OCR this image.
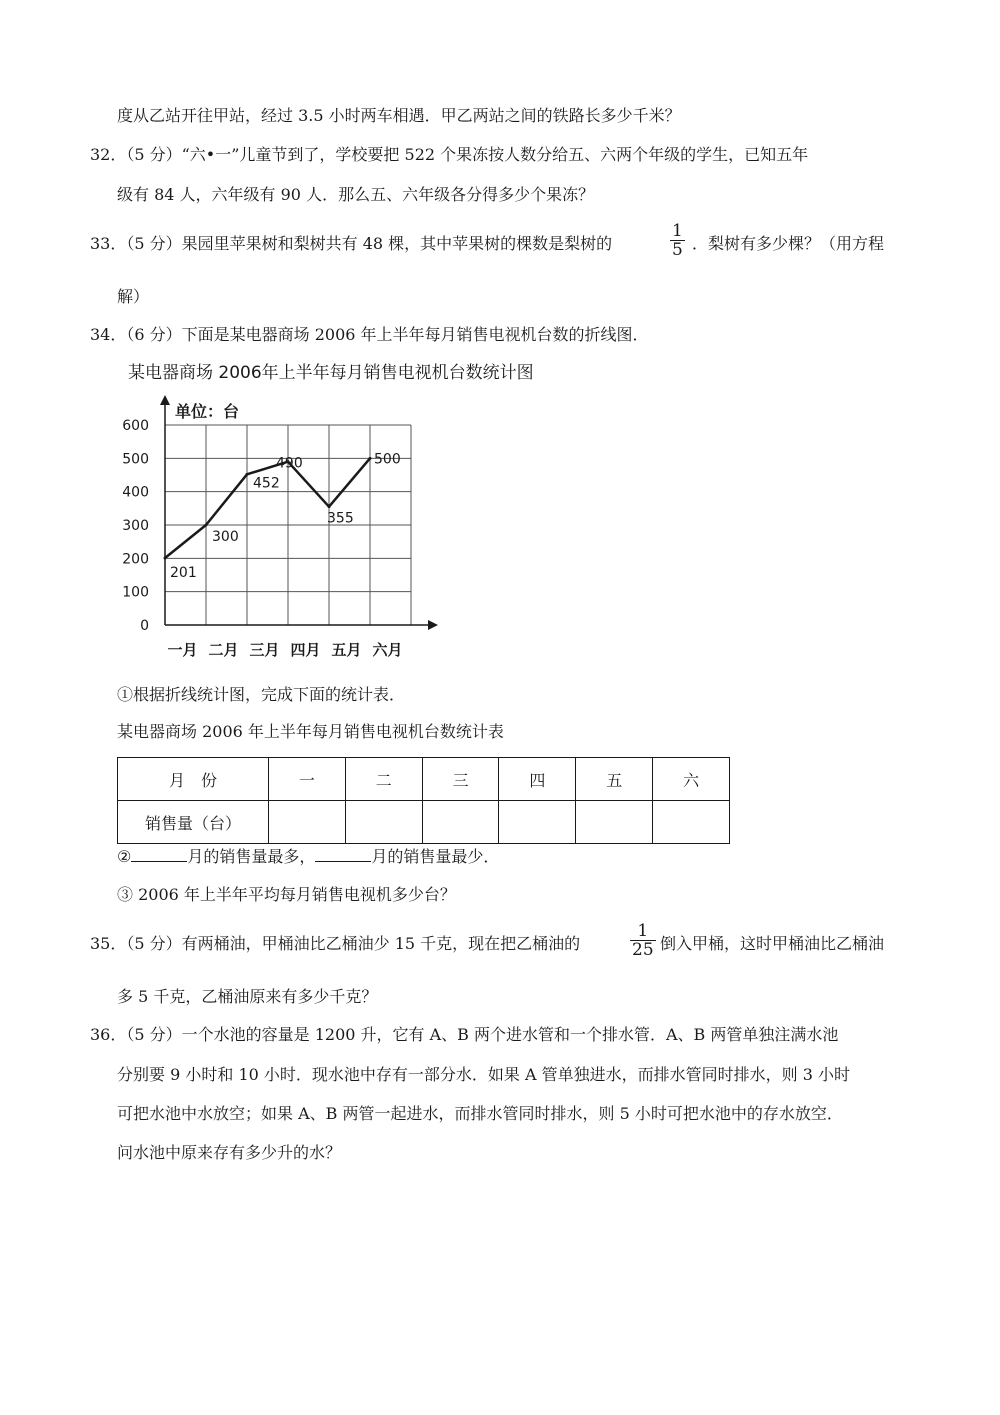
度从乙站开往甲站，经过 3.5 小时两车相遇．甲乙两站之间的铁路长多少千米？
32．（5 分）“六•一”儿童节到了，学校要把 522 个果冻按人数分给五、六两个年级的学生，已知五年
级有 84 人，六年级有 90 人．那么五、六年级各分得多少个果冻？
33．（5 分）果园里苹果树和梨树共有 48 棵，其中苹果树的棵数是梨树的	$\frac{1}{5}$ ．梨树有多少棵？（用方程
解）
34．（6 分）下面是某电器商场 2006 年上半年每月销售电视机台数的折线图．
某电器商场 2006年上半年每月销售电视机台数统计图
0
100
200
300
400
500
600
单位：台
201
300
452
490
355
500
一月 二月 三月 四月 五月 六月
①根据折线统计图，完成下面的统计表．
某电器商场 2006 年上半年每月销售电视机台数统计表
月　份	一	二	三	四	五	六
销售量（台）						
②	月的销售量最多，	月的销售量最少．
③ 2006 年上半年平均每月销售电视机多少台？
35．（5 分）有两桶油，甲桶油比乙桶油少 15 千克，现在把乙桶油的	$\frac{1}{25}$ 倒入甲桶，这时甲桶油比乙桶油
多 5 千克，乙桶油原来有多少千克？
36．（5 分）一个水池的容量是 1200 升，它有 A、B 两个进水管和一个排水管．A、B 两管单独注满水池
分别要 9 小时和 10 小时．现水池中存有一部分水．如果 A 管单独进水，而排水管同时排水，则 3 小时
可把水池中水放空；如果 A、B 两管一起进水，而排水管同时排水，则 5 小时可把水池中的存水放空．
问水池中原来存有多少升的水？
